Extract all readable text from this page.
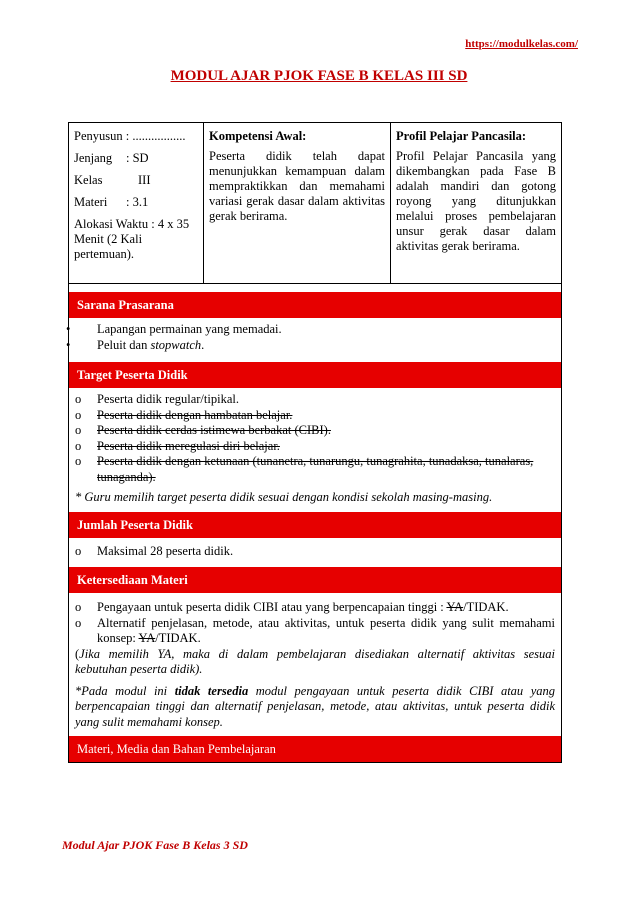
https://modulkelas.com/
MODUL AJAR PJOK FASE B KELAS III SD
Penyusun : .................
Jenjang	: SD
Kelas	III
Materi	: 3.1
Alokasi Waktu : 4 x 35 Menit (2 Kali pertemuan).
Kompetensi Awal:
Peserta didik telah dapat menunjukkan kemampuan dalam mempraktikkan dan memahami variasi gerak dasar dalam aktivitas gerak berirama.
Profil Pelajar Pancasila:
Profil Pelajar Pancasila yang dikembangkan pada Fase B adalah mandiri dan gotong royong yang ditunjukkan melalui proses pembelajaran unsur gerak dasar dalam aktivitas gerak berirama.
Sarana Prasarana
•	Lapangan permainan yang memadai.
•	Peluit dan stopwatch.
Target Peserta Didik
o	Peserta didik regular/tipikal.
o	Peserta didik dengan hambatan belajar.
o	Peserta didik cerdas istimewa berbakat (CIBI).
o	Peserta didik meregulasi diri belajar.
o	Peserta didik dengan ketunaan (tunanetra, tunarungu, tunagrahita, tunadaksa, tunalaras, tunaganda).
* Guru memilih target peserta didik sesuai dengan kondisi sekolah masing-masing.
Jumlah Peserta Didik
o	Maksimal 28 peserta didik.
Ketersediaan Materi
o	Pengayaan untuk peserta didik CIBI atau yang berpencapaian tinggi : YA/TIDAK.
o	Alternatif penjelasan, metode, atau aktivitas, untuk peserta didik yang sulit memahami konsep: YA/TIDAK.
(Jika memilih YA, maka di dalam pembelajaran disediakan alternatif aktivitas sesuai kebutuhan peserta didik).
*Pada modul ini tidak tersedia modul pengayaan untuk peserta didik CIBI atau yang berpencapaian tinggi dan alternatif penjelasan, metode, atau aktivitas, untuk peserta didik yang sulit memahami konsep.
Materi, Media dan Bahan Pembelajaran
Modul Ajar PJOK Fase B Kelas 3 SD
